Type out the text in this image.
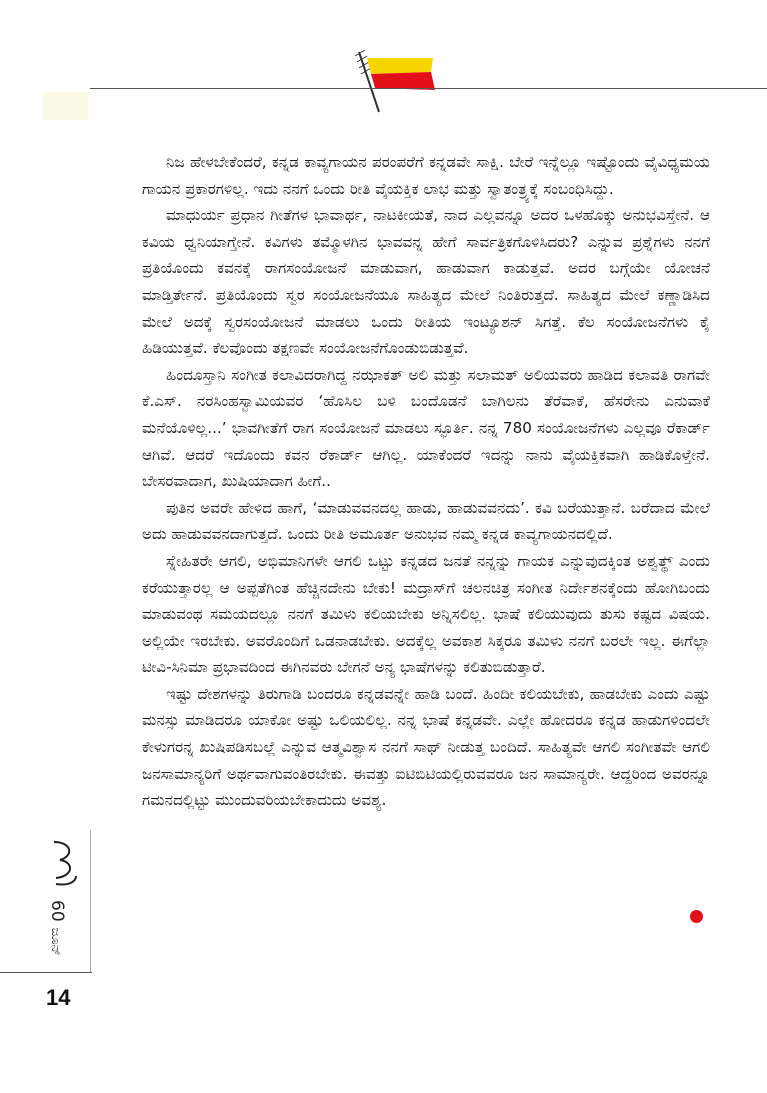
ನಿಜ ಹೇಳಬೇಕೆಂದರೆ, ಕನ್ನಡ ಕಾವ್ಯಗಾಯನ ಪರಂಪರೆಗೆ ಕನ್ನಡವೇ ಸಾಕ್ಷಿ. ಬೇರೆ ಇನ್ನೆಲ್ಲೂ ಇಷ್ಟೊಂದು ವೈವಿಧ್ಯಮಯ ಗಾಯನ ಪ್ರಕಾರಗಳಿಲ್ಲ. ಇದು ನನಗೆ ಒಂದು ರೀತಿ ವೈಯಕ್ತಿಕ ಲಾಭ ಮತ್ತು ಸ್ವಾತಂತ್ರ್ಯಕ್ಕೆ ಸಂಬಂಧಿಸಿದ್ದು.

ಮಾಧುರ್ಯ ಪ್ರಧಾನ ಗೀತೆಗಳ ಭಾವಾರ್ಥ, ನಾಟಕೀಯತೆ, ನಾದ ಎಲ್ಲವನ್ನೂ ಅದರ ಒಳಹೊಕ್ಕು ಅನುಭವಿಸ್ತೇನೆ. ಆ ಕವಿಯ ಧ್ವನಿಯಾಗ್ತೇನೆ. ಕವಿಗಳು ತಮ್ಮೊಳಗಿನ ಭಾವವನ್ನ ಹೇಗೆ ಸಾರ್ವತ್ರಿಕಗೊಳಿಸಿದರು? ಎನ್ನುವ ಪ್ರಶ್ನೆಗಳು ನನಗೆ ಪ್ರತಿಯೊಂದು ಕವನಕ್ಕೆ ರಾಗಸಂಯೋಜನೆ ಮಾಡುವಾಗ, ಹಾಡುವಾಗ ಕಾಡುತ್ತವೆ. ಅದರ ಬಗ್ಗೆಯೇ ಯೋಚನೆ ಮಾಡ್ತಿರ್ತೇನೆ. ಪ್ರತಿಯೊಂದು ಸ್ವರ ಸಂಯೋಜನೆಯೂ ಸಾಹಿತ್ಯದ ಮೇಲೆ ನಿಂತಿರುತ್ತದೆ. ಸಾಹಿತ್ಯದ ಮೇಲೆ ಕಣ್ಣಾಡಿಸಿದ ಮೇಲೆ ಅದಕ್ಕೆ ಸ್ವರಸಂಯೋಜನೆ ಮಾಡಲು ಒಂದು ರೀತಿಯ ಇಂಟ್ಯೂಶನ್ ಸಿಗತ್ತೆ. ಕೆಲ ಸಂಯೋಜನೆಗಳು ಕೈ ಹಿಡಿಯುತ್ತವೆ. ಕೆಲವೊಂದು ತಕ್ಷಣವೇ ಸಂಯೋಜನೆಗೊಂಡುಬಿಡುತ್ತವೆ.

ಹಿಂದೂಸ್ತಾನಿ ಸಂಗೀತ ಕಲಾವಿದರಾಗಿದ್ದ ನಝಾಕತ್ ಅಲಿ ಮತ್ತು ಸಲಾಮತ್ ಅಲಿಯವರು ಹಾಡಿದ ಕಲಾವತಿ ರಾಗವೇ ಕೆ.ಎಸ್. ನರಸಿಂಹಸ್ವಾಮಿಯವರ ‘ಹೊಸಿಲ ಬಳಿ ಬಂದೊಡನೆ ಬಾಗಿಲನು ತೆರೆವಾಕೆ, ಹೆಸರೇನು ಎನುವಾಕೆ ಮನೆಯೊಳಿಲ್ಲ...’ ಭಾವಗೀತೆಗೆ ರಾಗ ಸಂಯೋಜನೆ ಮಾಡಲು ಸ್ಫೂರ್ತಿ. ನನ್ನ 780 ಸಂಯೋಜನೆಗಳು ಎಲ್ಲವೂ ರೆಕಾರ್ಡ್ ಆಗಿವೆ. ಆದರೆ ಇದೊಂದು ಕವನ ರೆಕಾರ್ಡ್ ಆಗಿಲ್ಲ. ಯಾಕೆಂದರೆ ಇದನ್ನು ನಾನು ವೈಯಕ್ತಿಕವಾಗಿ ಹಾಡಿಕೊಳ್ತೇನೆ. ಬೇಸರವಾದಾಗ, ಖುಷಿಯಾದಾಗ ಹೀಗೆ..

ಪುತಿನ ಅವರೇ ಹೇಳಿದ ಹಾಗೆ, ‘ಮಾಡುವವನದಲ್ಲ ಹಾಡು, ಹಾಡುವವನದು’. ಕವಿ ಬರೆಯುತ್ತಾನೆ. ಬರೆದಾದ ಮೇಲೆ ಅದು ಹಾಡುವವನದಾಗುತ್ತದೆ. ಒಂದು ರೀತಿ ಅಮೂರ್ತ ಅನುಭವ ನಮ್ಮ ಕನ್ನಡ ಕಾವ್ಯಗಾಯನದಲ್ಲಿದೆ.

ಸ್ನೇಹಿತರೇ ಆಗಲಿ, ಅಭಿಮಾನಿಗಳೇ ಆಗಲಿ ಒಟ್ಟು ಕನ್ನಡದ ಜನತೆ ನನ್ನನ್ನು ಗಾಯಕ ಎನ್ನುವುದಕ್ಕಿಂತ ಅಶ್ವತ್ಥ್ ಎಂದು ಕರೆಯುತ್ತಾರಲ್ಲ ಆ ಅಪ್ಪತೆಗಿಂತ ಹೆಚ್ಚಿನದೇನು ಬೇಕು! ಮದ್ರಾಸ್‌ಗೆ ಚಲನಚಿತ್ರ ಸಂಗೀತ ನಿರ್ದೇಶನಕ್ಕೆಂದು ಹೋಗಿಬಂದು ಮಾಡುವಂಥ ಸಮಯದಲ್ಲೂ ನನಗೆ ತಮಿಳು ಕಲಿಯಬೇಕು ಅನ್ನಿಸಲಿಲ್ಲ. ಭಾಷೆ ಕಲಿಯುವುದು ತುಸು ಕಷ್ಟದ ವಿಷಯ. ಅಲ್ಲಿಯೇ ಇರಬೇಕು. ಅವರೊಂದಿಗೆ ಒಡನಾಡಬೇಕು. ಅದಕ್ಕೆಲ್ಲ ಅವಕಾಶ ಸಿಕ್ಕರೂ ತಮಿಳು ನನಗೆ ಬರಲೇ ಇಲ್ಲ. ಈಗೆಲ್ಲಾ ಟೀವಿ-ಸಿನಿಮಾ ಪ್ರಭಾವದಿಂದ ಈಗಿನವರು ಬೇಗನೆ ಅನ್ಯ ಭಾಷೆಗಳನ್ನು ಕಲಿತುಬಿಡುತ್ತಾರೆ.

ಇಷ್ಟು ದೇಶಗಳನ್ನು ತಿರುಗಾಡಿ ಬಂದರೂ ಕನ್ನಡವನ್ನೇ ಹಾಡಿ ಬಂದೆ. ಹಿಂದೀ ಕಲಿಯಬೇಕು, ಹಾಡಬೇಕು ಎಂದು ಎಷ್ಟು ಮನಸ್ಸು ಮಾಡಿದರೂ ಯಾಕೋ ಅಷ್ಟು ಒಲಿಯಲಿಲ್ಲ. ನನ್ನ ಭಾಷೆ ಕನ್ನಡವೇ. ಎಲ್ಲೇ ಹೋದರೂ ಕನ್ನಡ ಹಾಡುಗಳಿಂದಲೇ ಕೇಳುಗರನ್ನ ಖುಷಿಪಡಿಸಬಲ್ಲೆ ಎನ್ನುವ ಆತ್ಮವಿಶ್ವಾಸ ನನಗೆ ಸಾಥ್ ನೀಡುತ್ತ ಬಂದಿದೆ. ಸಾಹಿತ್ಯವೇ ಆಗಲಿ ಸಂಗೀತವೇ ಆಗಲಿ ಜನಸಾಮಾನ್ಯರಿಗೆ ಅರ್ಥವಾಗುವಂತಿರಬೇಕು. ಈವತ್ತು ಐಟಿಬಿಟಿಯಲ್ಲಿರುವವರೂ ಜನ ಸಾಮಾನ್ಯರೇ. ಆದ್ದರಿಂದ ಅವರನ್ನೂ ಗಮನದಲ್ಲಿಟ್ಟು ಮುಂದುವರಿಯಬೇಕಾದುದು ಅವಶ್ಯ.

60ಜೂನ್
14
